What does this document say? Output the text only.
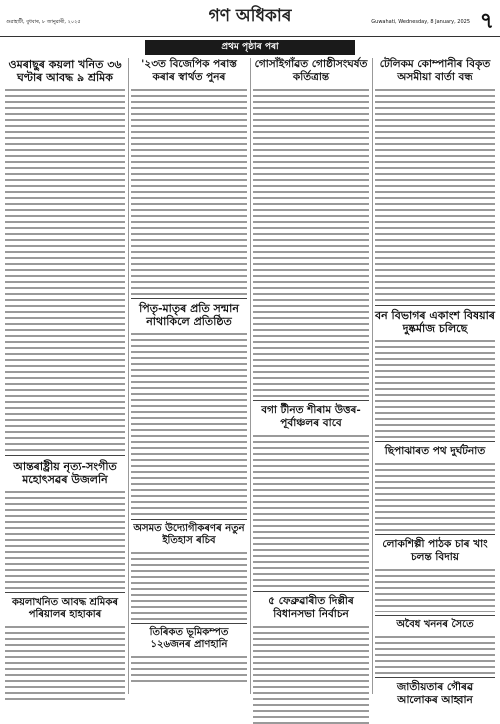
গুৱাহাটী, বুধবাৰ, ৮ জানুৱাৰী, ২০২৫	গণ অধিকাৰ	Guwahati, Wednesday, 8 January, 2025 ৭
প্ৰথম পৃষ্ঠাৰ পৰা
ওমৰাছুৰ কয়লা খনিত ৩৬ ঘণ্টাৰ আবদ্ধ ৯ শ্ৰমিক
আন্তৰাষ্ট্ৰীয় নৃত্য-সংগীত মহোৎসৱৰ উজলনি
কয়লাখনিত আবদ্ধ শ্ৰমিকৰ পৰিয়ালৰ হাহাকাৰ
'২৩ত বিজেপিক পৰাস্ত কৰাৰ স্বাৰ্থত পুনৰ
পিতৃ-মাতৃৰ প্ৰতি সন্মান নাথাকিলে প্ৰতিষ্ঠিত
অসমত উদ্যোগীকৰণৰ নতুন ইতিহাস ৰচিব
তিৰিকত ভূমিকম্পত ১২৬জনৰ প্ৰাণহানি
গোসাঁইগাঁৱত গোষ্ঠীসংঘৰ্ষত কৰ্তিত্ৰান্ত
বগা টীনত শীৰাম উত্তৰ-পূৰ্বাঞ্চলৰ বাবে
৫ ফেব্ৰুৱাৰীত দিল্লীৰ বিধানসভা নিৰ্বাচন
টেলিকম কোম্পানীৰ বিকৃত অসমীয়া বাৰ্তা বন্ধ
বন বিভাগৰ একাংশ বিষয়াৰ দুষ্কৰ্মাজ চলিছে
ছিপাঝাৰত পথ দুৰ্ঘটনাত
লোকশিল্পী পাঠক চাৰ খাং চলন্ত বিদায়
অবৈধ খননৰ সৈতে
জাতীয়তাৰ গৌৰৱ আলোকৰ আহ্বান
